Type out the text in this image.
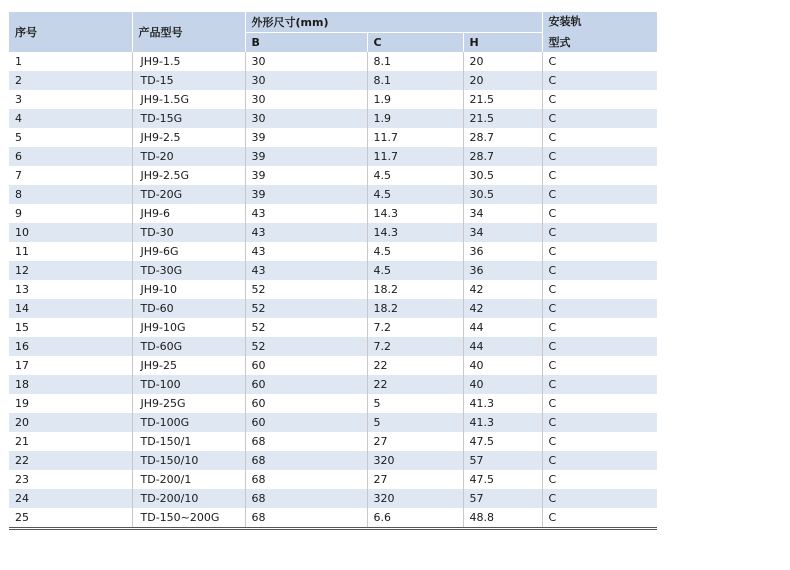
序号	产品型号	外形尺寸(mm)			安装轨
		B	C	H	型式
1	JH9-1.5	30	8.1	20	C
2	TD-15	30	8.1	20	C
3	JH9-1.5G	30	1.9	21.5	C
4	TD-15G	30	1.9	21.5	C
5	JH9-2.5	39	11.7	28.7	C
6	TD-20	39	11.7	28.7	C
7	JH9-2.5G	39	4.5	30.5	C
8	TD-20G	39	4.5	30.5	C
9	JH9-6	43	14.3	34	C
10	TD-30	43	14.3	34	C
11	JH9-6G	43	4.5	36	C
12	TD-30G	43	4.5	36	C
13	JH9-10	52	18.2	42	C
14	TD-60	52	18.2	42	C
15	JH9-10G	52	7.2	44	C
16	TD-60G	52	7.2	44	C
17	JH9-25	60	22	40	C
18	TD-100	60	22	40	C
19	JH9-25G	60	5	41.3	C
20	TD-100G	60	5	41.3	C
21	TD-150/1	68	27	47.5	C
22	TD-150/10	68	320	57	C
23	TD-200/1	68	27	47.5	C
24	TD-200/10	68	320	57	C
25	TD-150~200G	68	6.6	48.8	C
